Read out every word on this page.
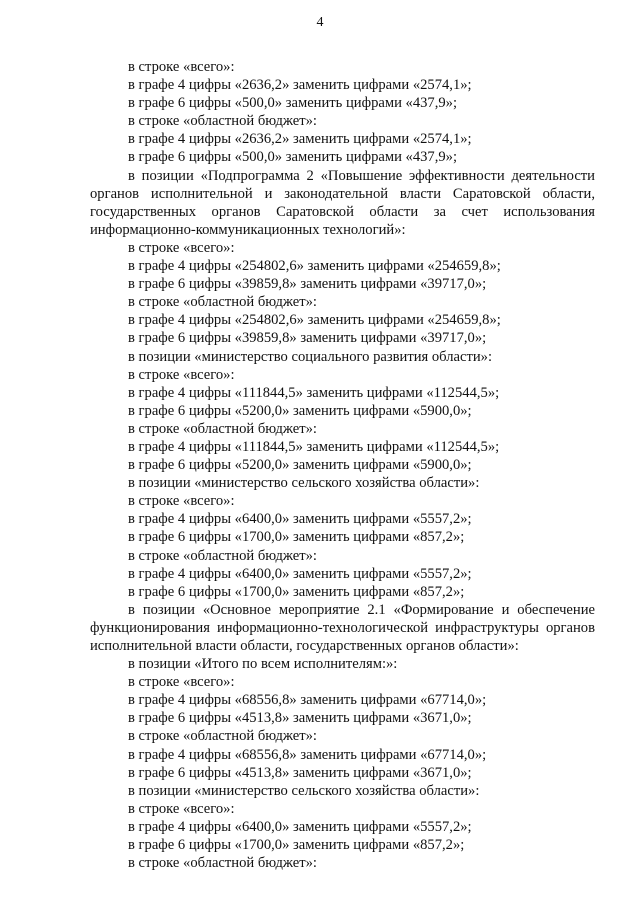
4
в строке «всего»:
в графе 4 цифры «2636,2» заменить цифрами «2574,1»;
в графе 6 цифры «500,0» заменить цифрами «437,9»;
в строке «областной бюджет»:
в графе 4 цифры «2636,2» заменить цифрами «2574,1»;
в графе 6 цифры «500,0» заменить цифрами «437,9»;
в позиции «Подпрограмма 2 «Повышение эффективности деятельности
органов исполнительной и законодательной власти Саратовской области,
государственных органов Саратовской области за счет использования
информационно-коммуникационных технологий»:
в строке «всего»:
в графе 4 цифры «254802,6» заменить цифрами «254659,8»;
в графе 6 цифры «39859,8» заменить цифрами «39717,0»;
в строке «областной бюджет»:
в графе 4 цифры «254802,6» заменить цифрами «254659,8»;
в графе 6 цифры «39859,8» заменить цифрами «39717,0»;
в позиции «министерство социального развития области»:
в строке «всего»:
в графе 4 цифры «111844,5» заменить цифрами «112544,5»;
в графе 6 цифры «5200,0» заменить цифрами «5900,0»;
в строке «областной бюджет»:
в графе 4 цифры «111844,5» заменить цифрами «112544,5»;
в графе 6 цифры «5200,0» заменить цифрами «5900,0»;
в позиции «министерство сельского хозяйства области»:
в строке «всего»:
в графе 4 цифры «6400,0» заменить цифрами «5557,2»;
в графе 6 цифры «1700,0» заменить цифрами «857,2»;
в строке «областной бюджет»:
в графе 4 цифры «6400,0» заменить цифрами «5557,2»;
в графе 6 цифры «1700,0» заменить цифрами «857,2»;
в позиции «Основное мероприятие 2.1 «Формирование и обеспечение
функционирования информационно-технологической инфраструктуры органов
исполнительной власти области, государственных органов области»:
в позиции «Итого по всем исполнителям:»:
в строке «всего»:
в графе 4 цифры «68556,8» заменить цифрами «67714,0»;
в графе 6 цифры «4513,8» заменить цифрами «3671,0»;
в строке «областной бюджет»:
в графе 4 цифры «68556,8» заменить цифрами «67714,0»;
в графе 6 цифры «4513,8» заменить цифрами «3671,0»;
в позиции «министерство сельского хозяйства области»:
в строке «всего»:
в графе 4 цифры «6400,0» заменить цифрами «5557,2»;
в графе 6 цифры «1700,0» заменить цифрами «857,2»;
в строке «областной бюджет»:
